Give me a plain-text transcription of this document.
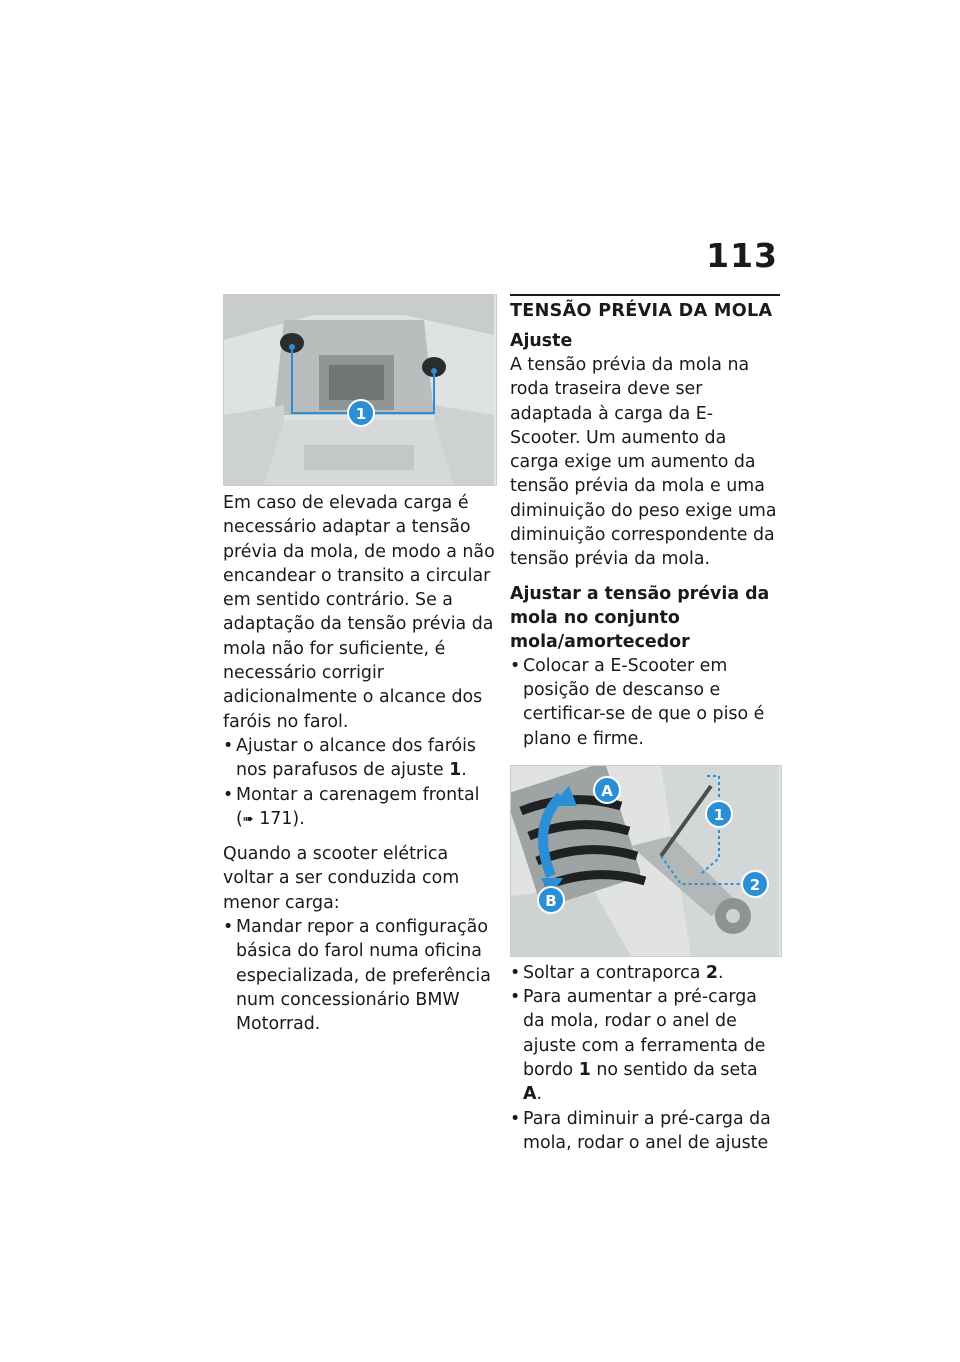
113
1

Em caso de elevada carga é necessário adaptar a tensão prévia da mola, de modo a não encandear o transito a circular em sentido contrário. Se a adaptação da tensão prévia da mola não for suficiente, é necessário corrigir adicionalmente o alcance dos faróis no farol.

• Ajustar o alcance dos faróis nos parafusos de ajuste 1.
• Montar a carenagem frontal (➠ 171).

Quando a scooter elétrica voltar a ser conduzida com menor carga:

• Mandar repor a configuração básica do farol numa oficina especializada, de preferência num concessionário BMW Motorrad.
TENSÃO PRÉVIA DA MOLA
Ajuste

A tensão prévia da mola na roda traseira deve ser adaptada à carga da E-Scooter. Um aumento da carga exige um aumento da tensão prévia da mola e uma diminuição do peso exige uma diminuição correspondente da tensão prévia da mola.

Ajustar a tensão prévia da mola no conjunto mola/amortecedor
• Colocar a E-Scooter em posição de descanso e certificar-se de que o piso é plano e firme.
A
1
2
B
• Soltar a contraporca 2.
• Para aumentar a pré-carga da mola, rodar o anel de ajuste com a ferramenta de bordo 1 no sentido da seta A.
• Para diminuir a pré-carga da mola, rodar o anel de ajuste
